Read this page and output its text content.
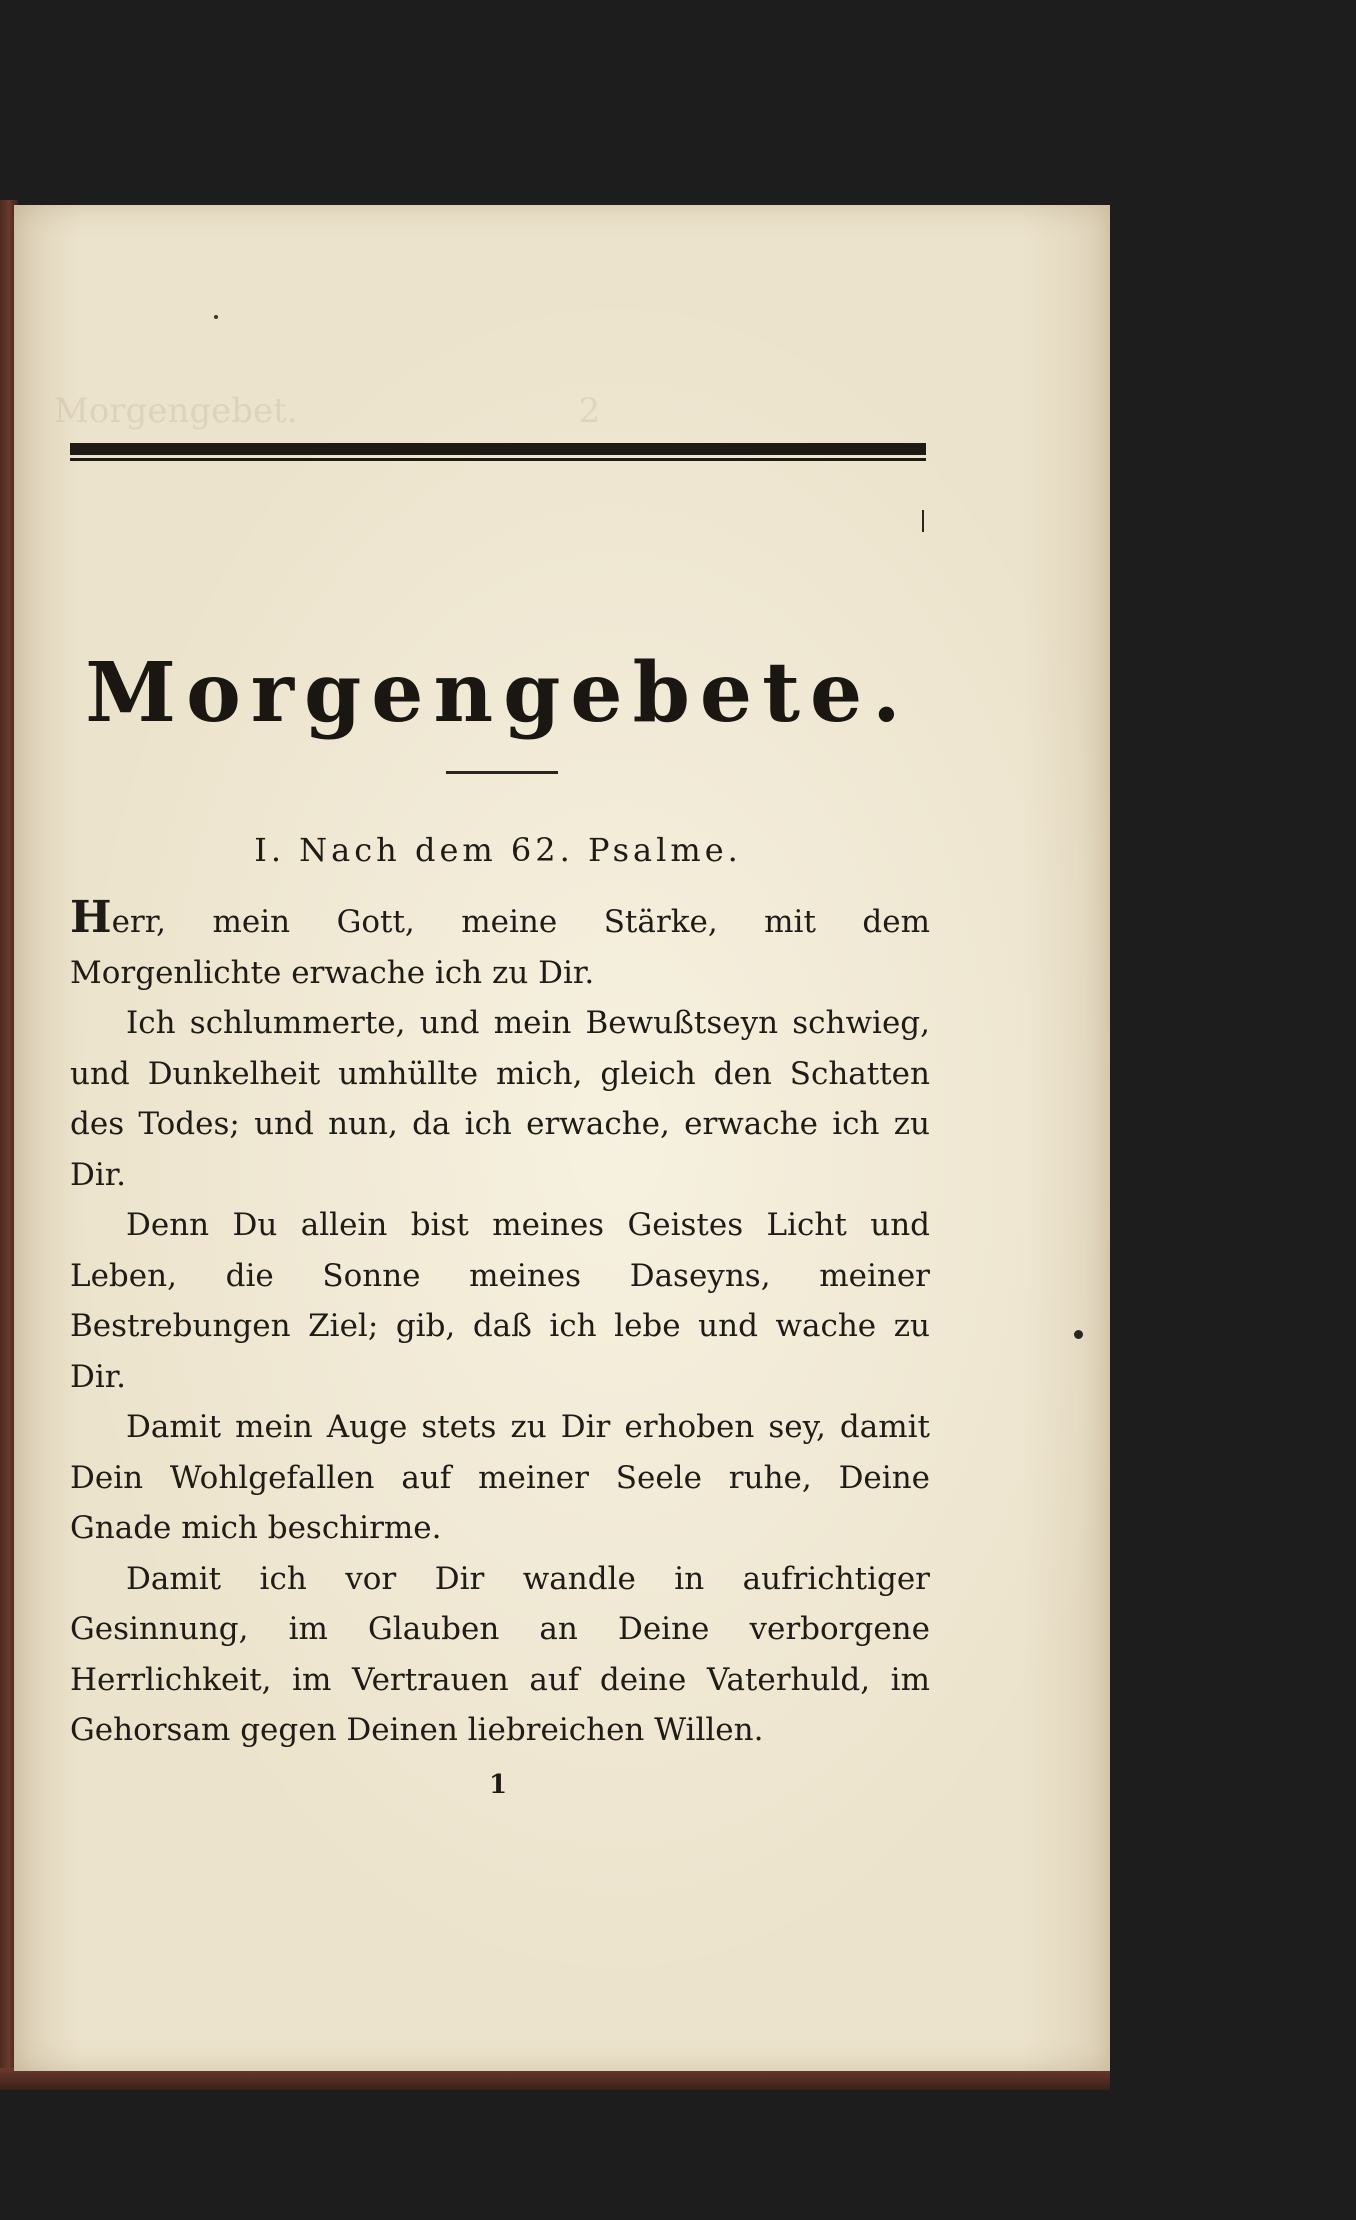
Morgengebet.	2
Morgengebete.
I. Nach dem 62. Psalme.

Herr, mein Gott, meine Stärke, mit dem Morgenlichte erwache ich zu Dir.

Ich schlummerte, und mein Bewußtseyn schwieg, und Dunkelheit umhüllte mich, gleich den Schatten des Todes; und nun, da ich erwache, erwache ich zu Dir.

Denn Du allein bist meines Geistes Licht und Leben, die Sonne meines Daseyns, meiner Bestrebungen Ziel; gib, daß ich lebe und wache zu Dir.

Damit mein Auge stets zu Dir erhoben sey, damit Dein Wohlgefallen auf meiner Seele ruhe, Deine Gnade mich beschirme.

Damit ich vor Dir wandle in aufrichtiger Gesinnung, im Glauben an Deine verborgene Herrlichkeit, im Vertrauen auf deine Vaterhuld, im Gehorsam gegen Deinen liebreichen Willen.

1
